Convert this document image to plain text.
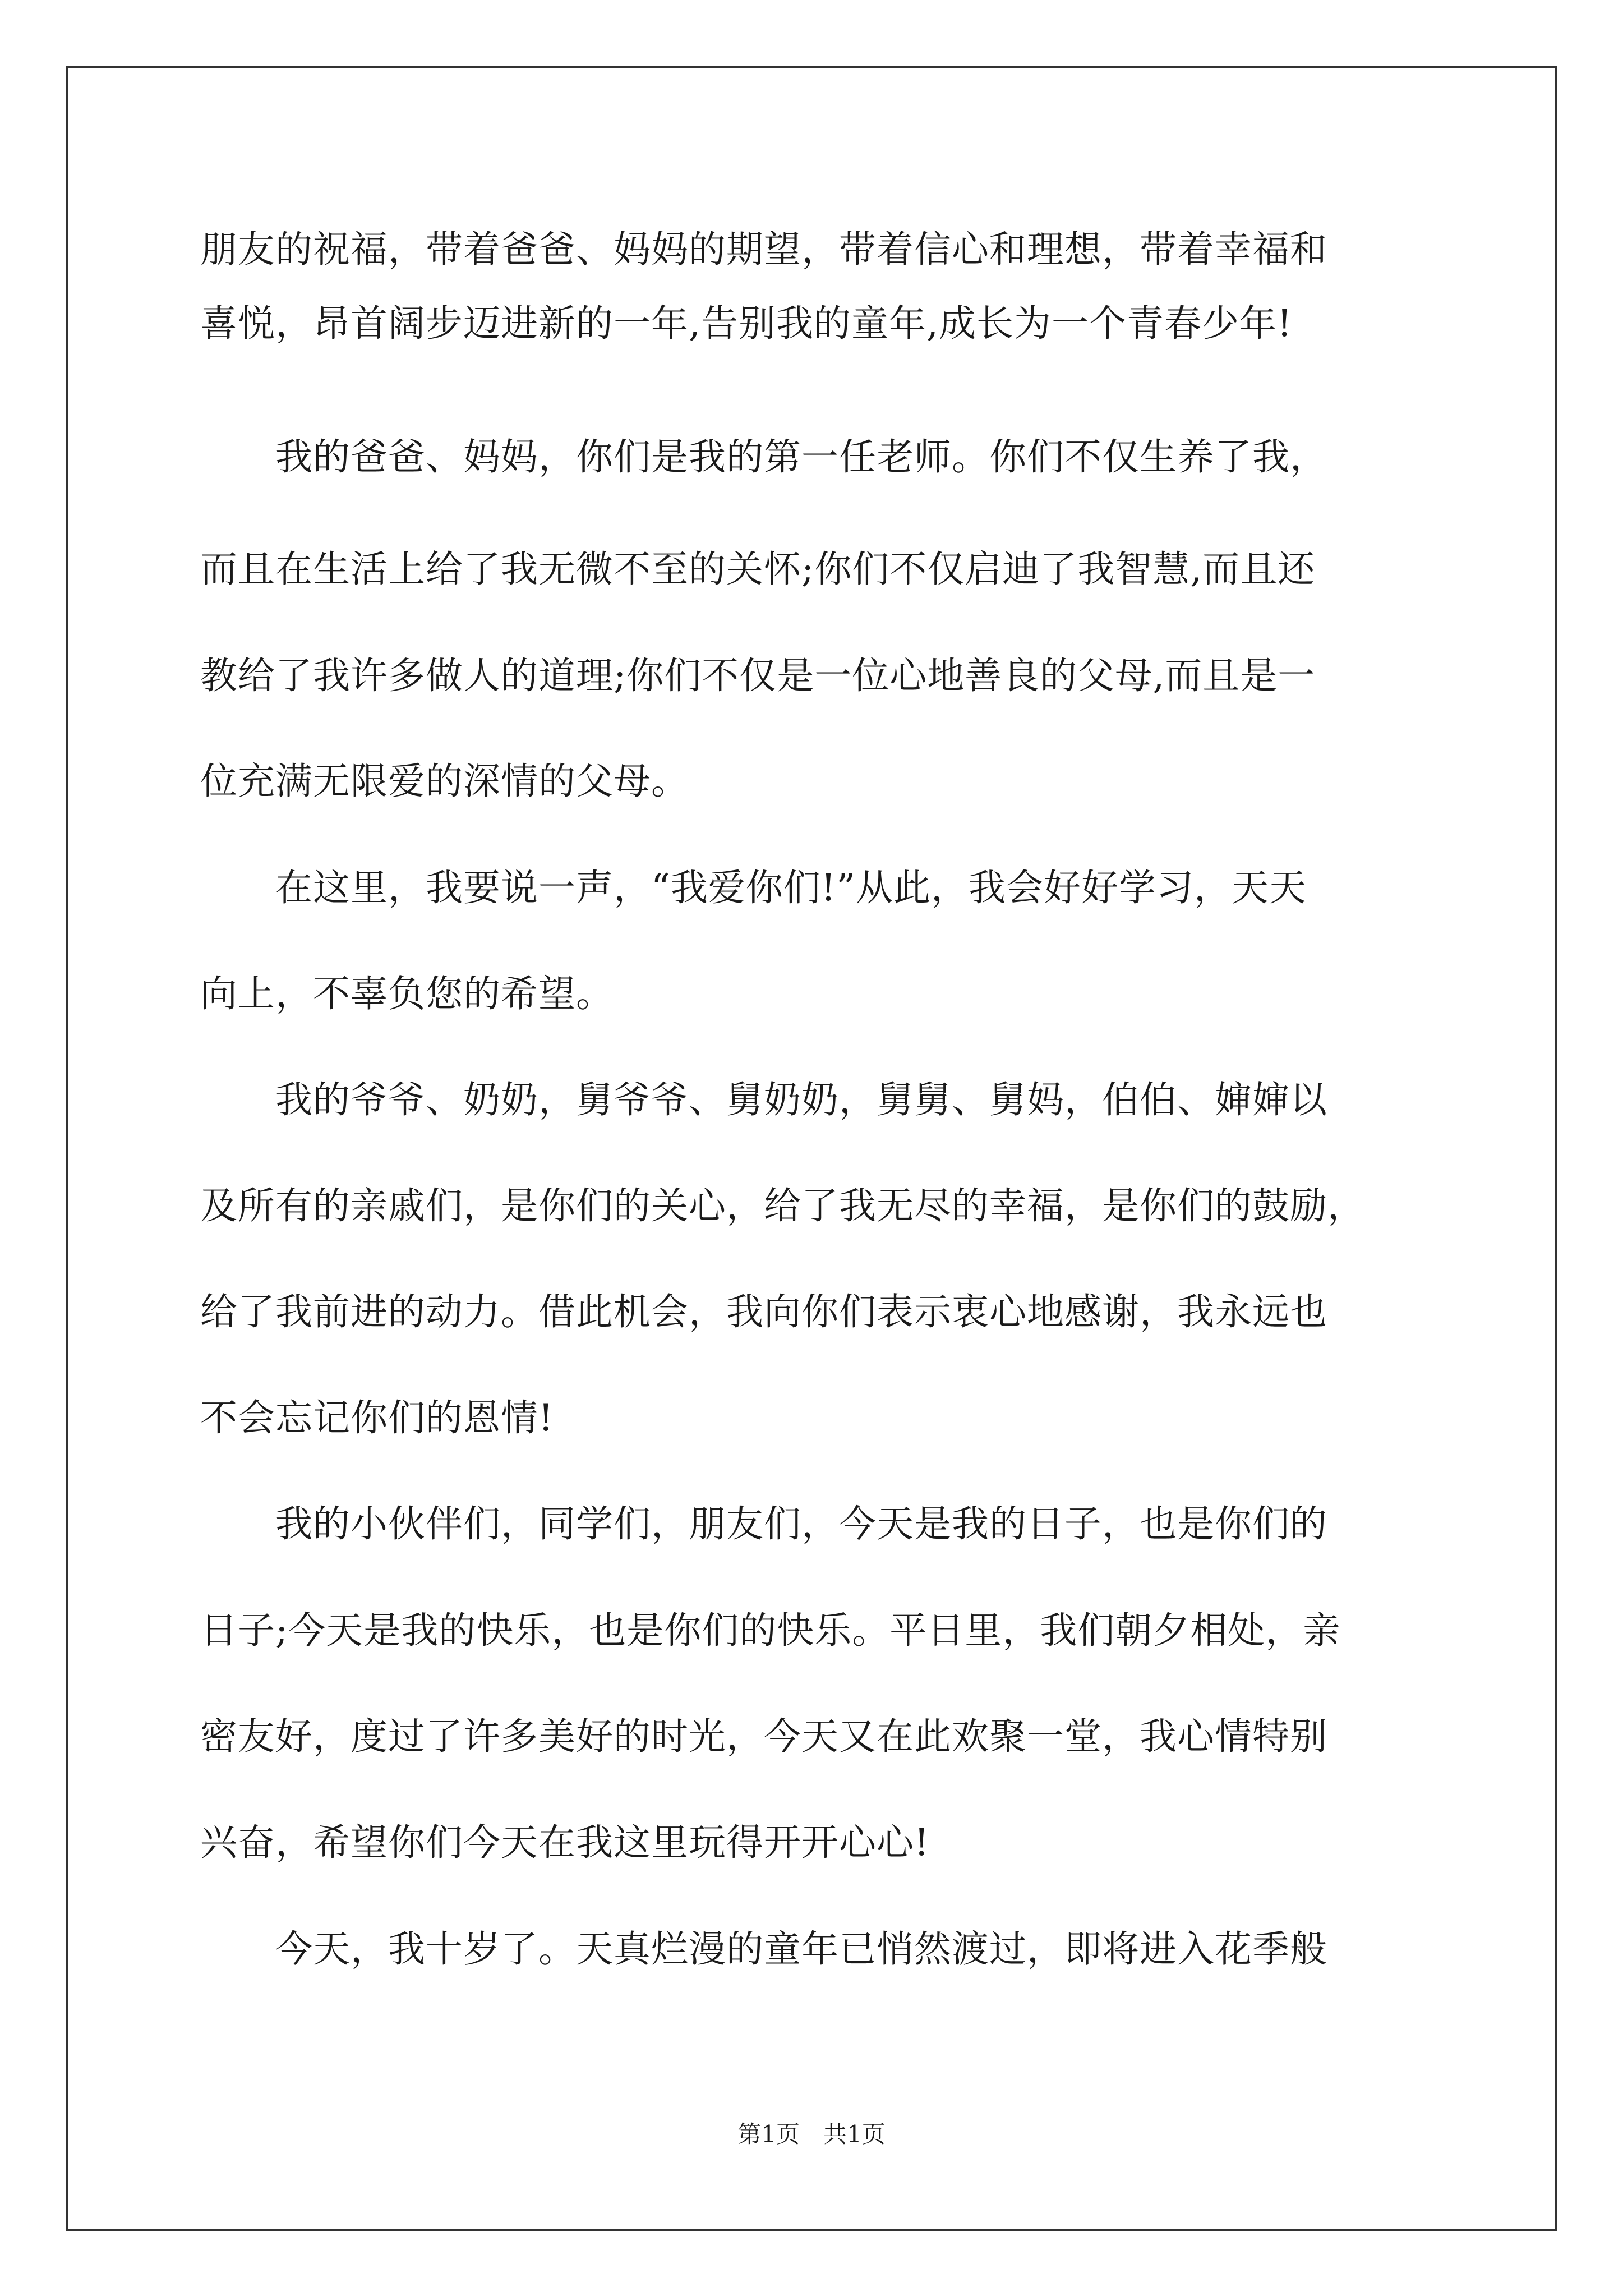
朋友的祝福，带着爸爸、妈妈的期望，带着信心和理想，带着幸福和
喜悦，昂首阔步迈进新的一年,告别我的童年,成长为一个青春少年!
　　我的爸爸、妈妈，你们是我的第一任老师。你们不仅生养了我，
而且在生活上给了我无微不至的关怀;你们不仅启迪了我智慧,而且还
教给了我许多做人的道理;你们不仅是一位心地善良的父母,而且是一
位充满无限爱的深情的父母。
　　在这里，我要说一声，“我爱你们!”从此，我会好好学习，天天
向上，不辜负您的希望。
　　我的爷爷、奶奶，舅爷爷、舅奶奶，舅舅、舅妈，伯伯、婶婶以
及所有的亲戚们，是你们的关心，给了我无尽的幸福，是你们的鼓励，
给了我前进的动力。借此机会，我向你们表示衷心地感谢，我永远也
不会忘记你们的恩情!
　　我的小伙伴们，同学们，朋友们，今天是我的日子，也是你们的
日子;今天是我的快乐，也是你们的快乐。平日里，我们朝夕相处，亲
密友好，度过了许多美好的时光，今天又在此欢聚一堂，我心情特别
兴奋，希望你们今天在我这里玩得开开心心!
　　今天，我十岁了。天真烂漫的童年已悄然渡过，即将进入花季般
第1页　共1页
